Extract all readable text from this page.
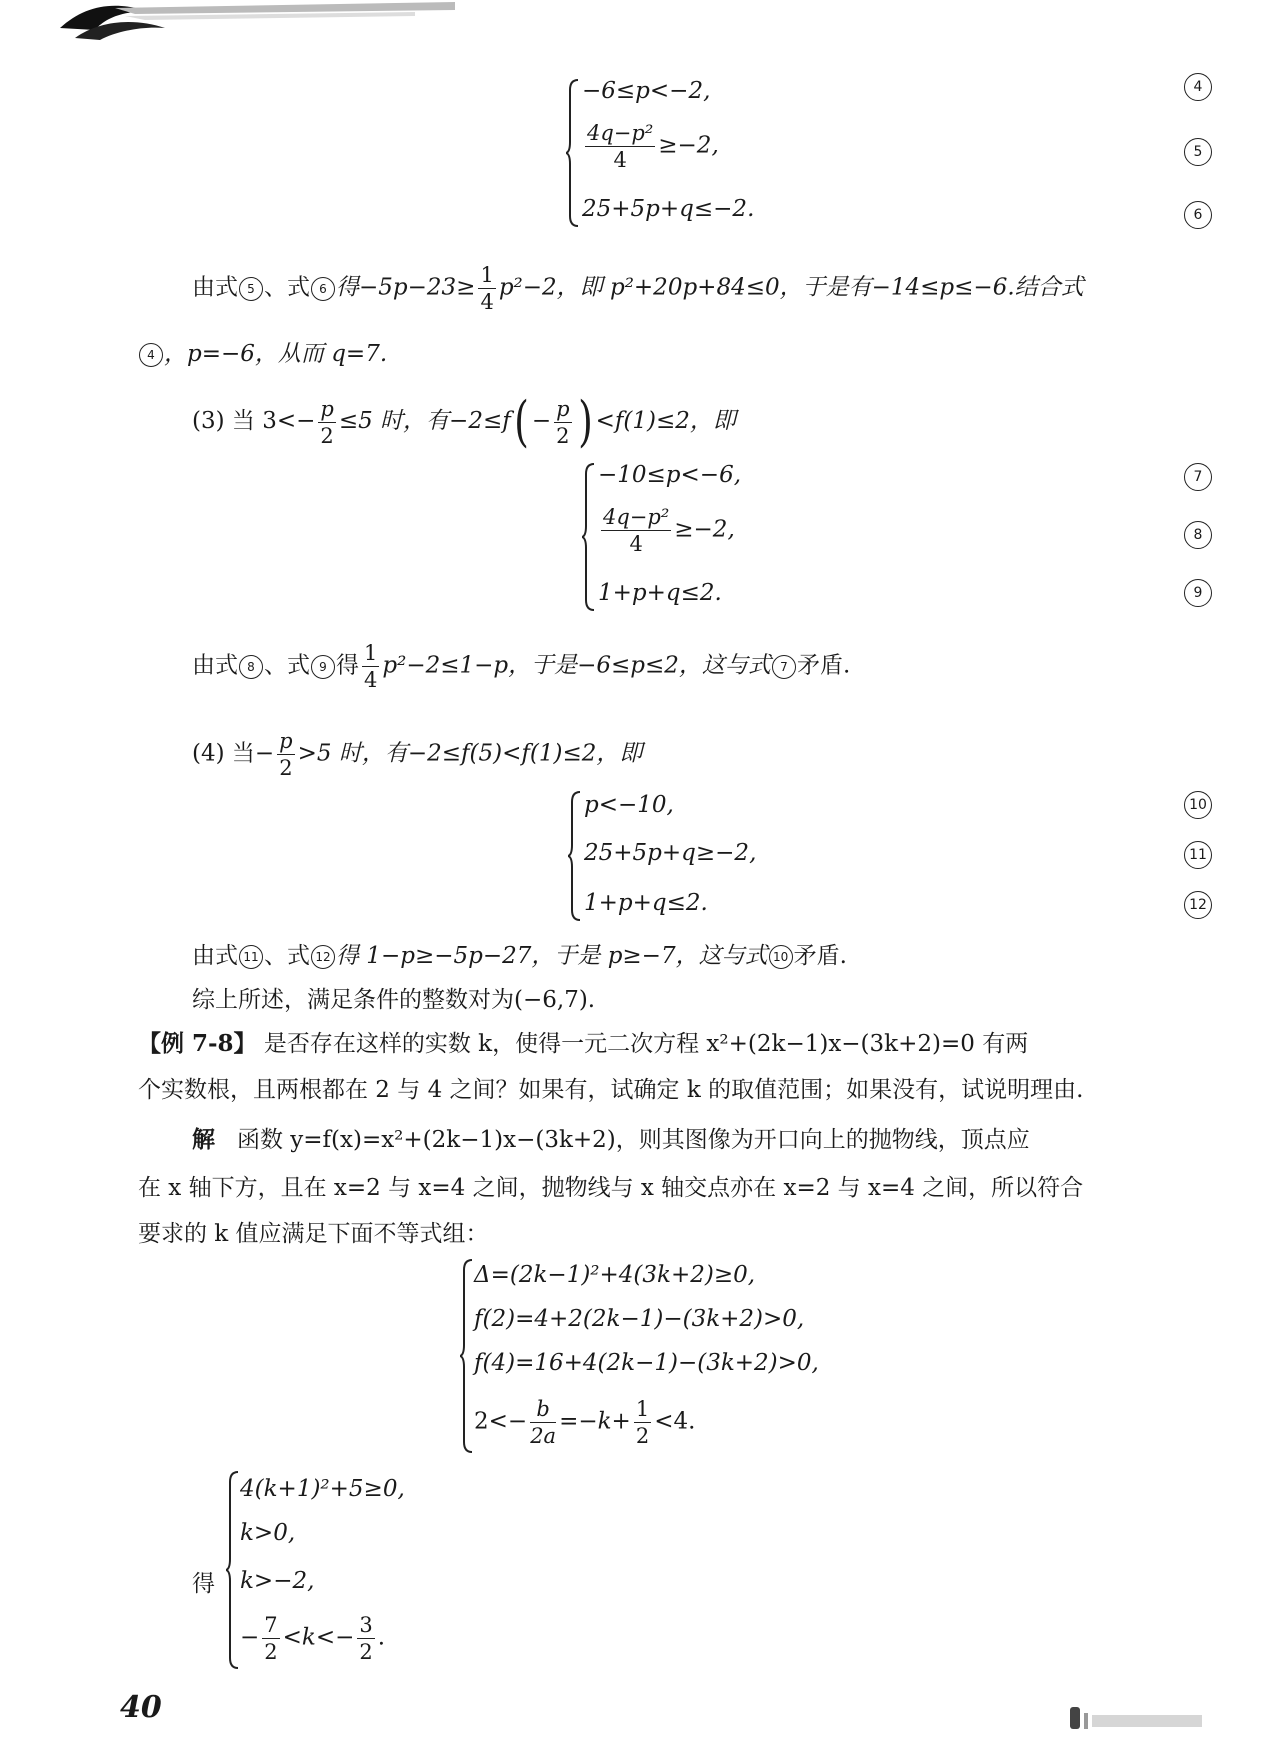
−6≤p<−2,
$\frac{\text{4q−p²}}{4} \ge-2$,
25+5p+q≤−2.
4
5
6
由式 5 、式 6 得$-5p-23\ge \frac{1}{4} p^2-2$，即 p²+20p+84≤0，于是有−14≤p≤−6.结合式
4 ，p=−6，从而 q=7.
(3) 当 $3<- \frac{p}{2} \le 5$ 时，有$-2\le f( - \frac{p}{2}$ ) <f(1)≤2，即
−10≤p<−6,
$\frac{\text{4q−p²}}{4} \ge-2$,
1+p+q≤2.
7
8
9
由式 8 、式 9 得 $\frac{1}{4} p^2-2\le 1-p$，于是−6≤p≤2，这与式 7 矛盾.
(4) 当− $\frac{p}{2} >5$ 时，有−2≤f(5)<f(1)≤2，即
p<−10,
25+5p+q≥−2,
1+p+q≤2.
10
11
12
由式 11 、式 12 得 1−p≥−5p−27，于是 p≥−7，这与式 10 矛盾.
综上所述，满足条件的整数对为(−6,7).
【例 7-8】 是否存在这样的实数 k，使得一元二次方程 x²+(2k−1)x−(3k+2)=0 有两
个实数根，且两根都在 2 与 4 之间？如果有，试确定 k 的取值范围；如果没有，试说明理由.
解 函数 y=f(x)=x²+(2k−1)x−(3k+2)，则其图像为开口向上的抛物线，顶点应
在 x 轴下方，且在 x=2 与 x=4 之间，抛物线与 x 轴交点亦在 x=2 与 x=4 之间，所以符合
要求的 k 值应满足下面不等式组：
Δ=(2k−1)²+4(3k+2)≥0,
f(2)=4+2(2k−1)−(3k+2)>0,
f(4)=16+4(2k−1)−(3k+2)>0,
$2<- \frac{b}{2a} =-k+ \frac{1}{2} <4$.
得
4(k+1)²+5≥0,
k>0,
k>−2,
− $\frac{7}{2} <k<- \frac{3}{2}$ .
40
